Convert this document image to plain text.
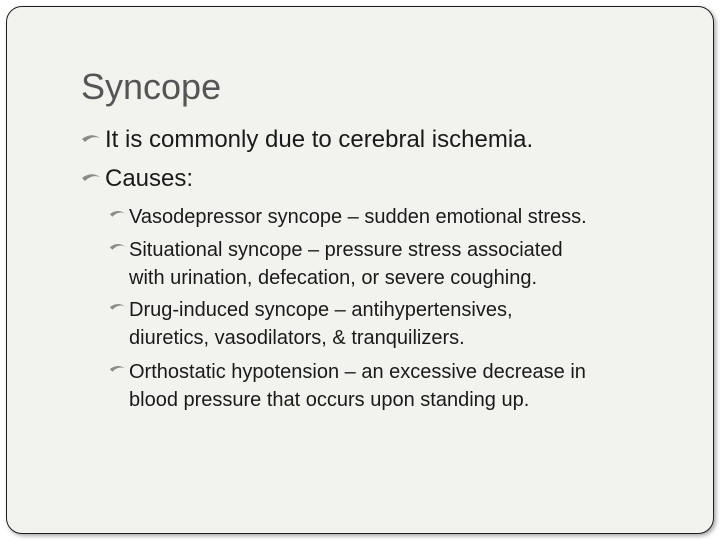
Syncope
It is commonly due to cerebral ischemia.
Causes:
Vasodepressor syncope – sudden emotional stress.
Situational syncope – pressure stress associated
with urination, defecation, or severe coughing.
Drug-induced syncope – antihypertensives,
diuretics, vasodilators, & tranquilizers.
Orthostatic hypotension – an excessive decrease in
blood pressure that occurs upon standing up.
